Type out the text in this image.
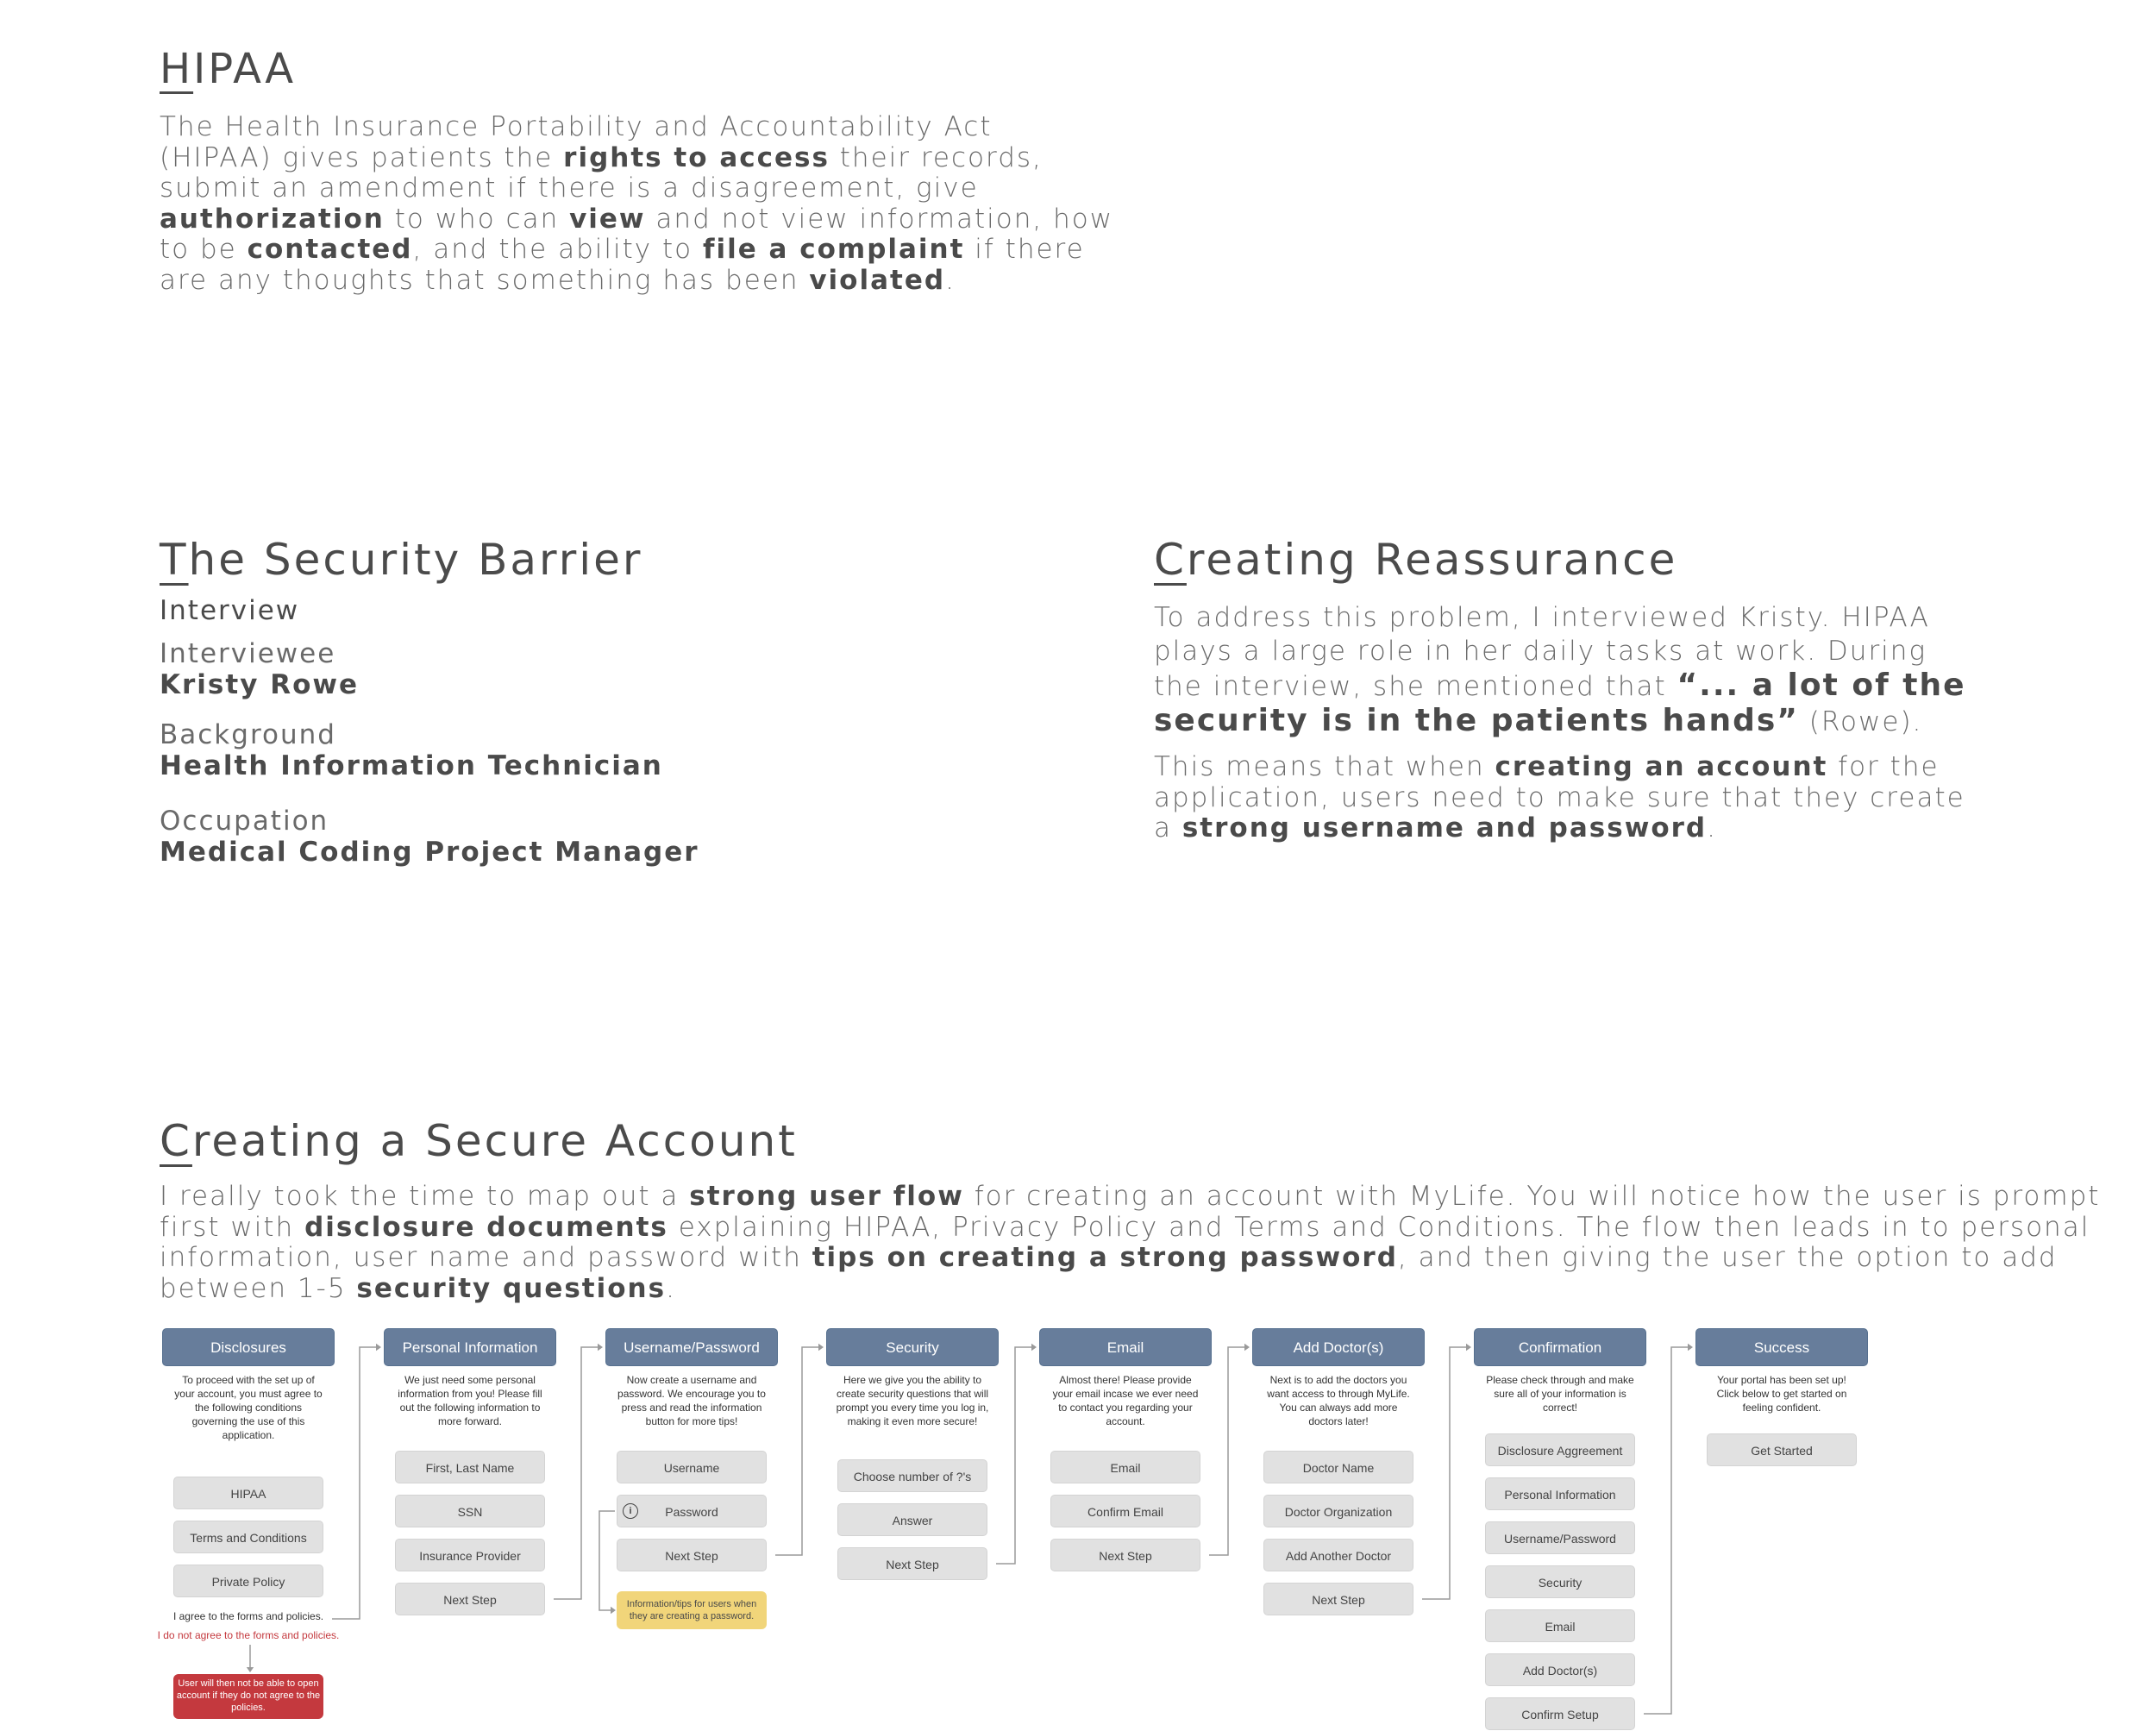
HIPAA

The Health Insurance Portability and Accountability Act
(HIPAA) gives patients the rights to access their records,
submit an amendment if there is a disagreement, give
authorization to who can view and not view information, how
to be contacted, and the ability to file a complaint if there
are any thoughts that something has been violated.

The Security Barrier

Interview

Interviewee

Kristy Rowe

Background

Health Information Technician

Occupation

Medical Coding Project Manager

Creating Reassurance

To address this problem, I interviewed Kristy. HIPAA
plays a large role in her daily tasks at work. During
the interview, she mentioned that “... a lot of the
security is in the patients hands” (Rowe).

This means that when creating an account for the
application, users need to make sure that they create
a strong username and password.

Creating a Secure Account

I really took the time to map out a strong user flow for creating an account with MyLife. You will notice how the user is prompt
first with disclosure documents explaining HIPAA, Privacy Policy and Terms and Conditions. The flow then leads in to personal
information, user name and password with tips on creating a strong password, and then giving the user the option to add
between 1-5 security questions.

Disclosures
To proceed with the set up of your account, you must agree to the following conditions governing the use of this application.
HIPAA
Terms and Conditions
Private Policy
Personal Information
We just need some personal information from you! Please fill out the following information to more forward.
First, Last Name
SSN
Insurance Provider
Next Step
Username/Password
Now create a username and password. We encourage you to press and read the information button for more tips!
Username
Password
i
Next Step
Security
Here we give you the ability to create security questions that will prompt you every time you log in, making it even more secure!
Choose number of ?'s
Answer
Next Step
Email
Almost there! Please provide your email incase we ever need to contact you regarding your account.
Email
Confirm Email
Next Step
Add Doctor(s)
Next is to add the doctors you want access to through MyLife. You can always add more doctors later!
Doctor Name
Doctor Organization
Add Another Doctor
Next Step
Confirmation
Please check through and make sure all of your information is correct!
Disclosure Aggreement
Personal Information
Username/Password
Security
Email
Add Doctor(s)
Confirm Setup
Success
Your portal has been set up! Click below to get started on feeling confident.
Get Started
I agree to the forms and policies.
I do not agree to the forms and policies.
User will then not be able to open account if they do not agree to the policies.
Information/tips for users when they are creating a password.
